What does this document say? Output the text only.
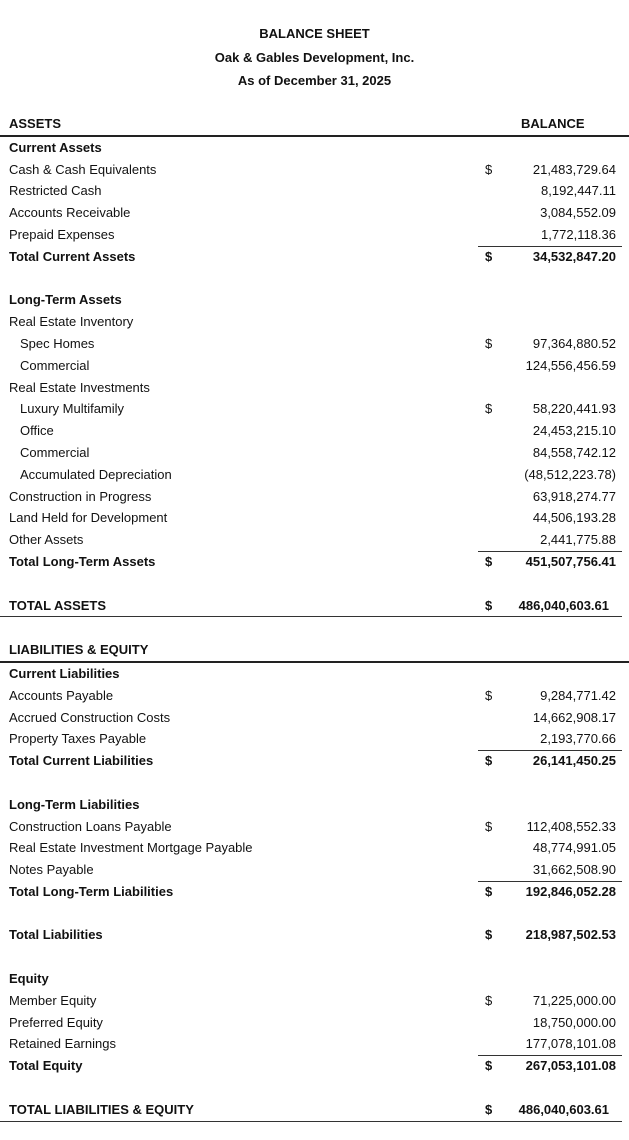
BALANCE SHEET
Oak & Gables Development, Inc.
As of December 31, 2025
ASSETS	BALANCE
Current Assets
Cash & Cash Equivalents	$	21,483,729.64
Restricted Cash	8,192,447.11
Accounts Receivable	3,084,552.09
Prepaid Expenses	1,772,118.36
Total Current Assets	$	34,532,847.20
Long-Term Assets
Real Estate Inventory
Spec Homes	$	97,364,880.52
Commercial	124,556,456.59
Real Estate Investments
Luxury Multifamily	$	58,220,441.93
Office	24,453,215.10
Commercial	84,558,742.12
Accumulated Depreciation	(48,512,223.78)
Construction in Progress	63,918,274.77
Land Held for Development	44,506,193.28
Other Assets	2,441,775.88
Total Long-Term Assets	$	451,507,756.41
TOTAL ASSETS	$ 486,040,603.61
LIABILITIES & EQUITY
Current Liabilities
Accounts Payable	$	9,284,771.42
Accrued Construction Costs	14,662,908.17
Property Taxes Payable	2,193,770.66
Total Current Liabilities	$	26,141,450.25
Long-Term Liabilities
Construction Loans Payable	$	112,408,552.33
Real Estate Investment Mortgage Payable	48,774,991.05
Notes Payable	31,662,508.90
Total Long-Term Liabilities	$	192,846,052.28
Total Liabilities	$	218,987,502.53
Equity
Member Equity	$	71,225,000.00
Preferred Equity	18,750,000.00
Retained Earnings	177,078,101.08
Total Equity	$	267,053,101.08
TOTAL LIABILITIES & EQUITY	$ 486,040,603.61
